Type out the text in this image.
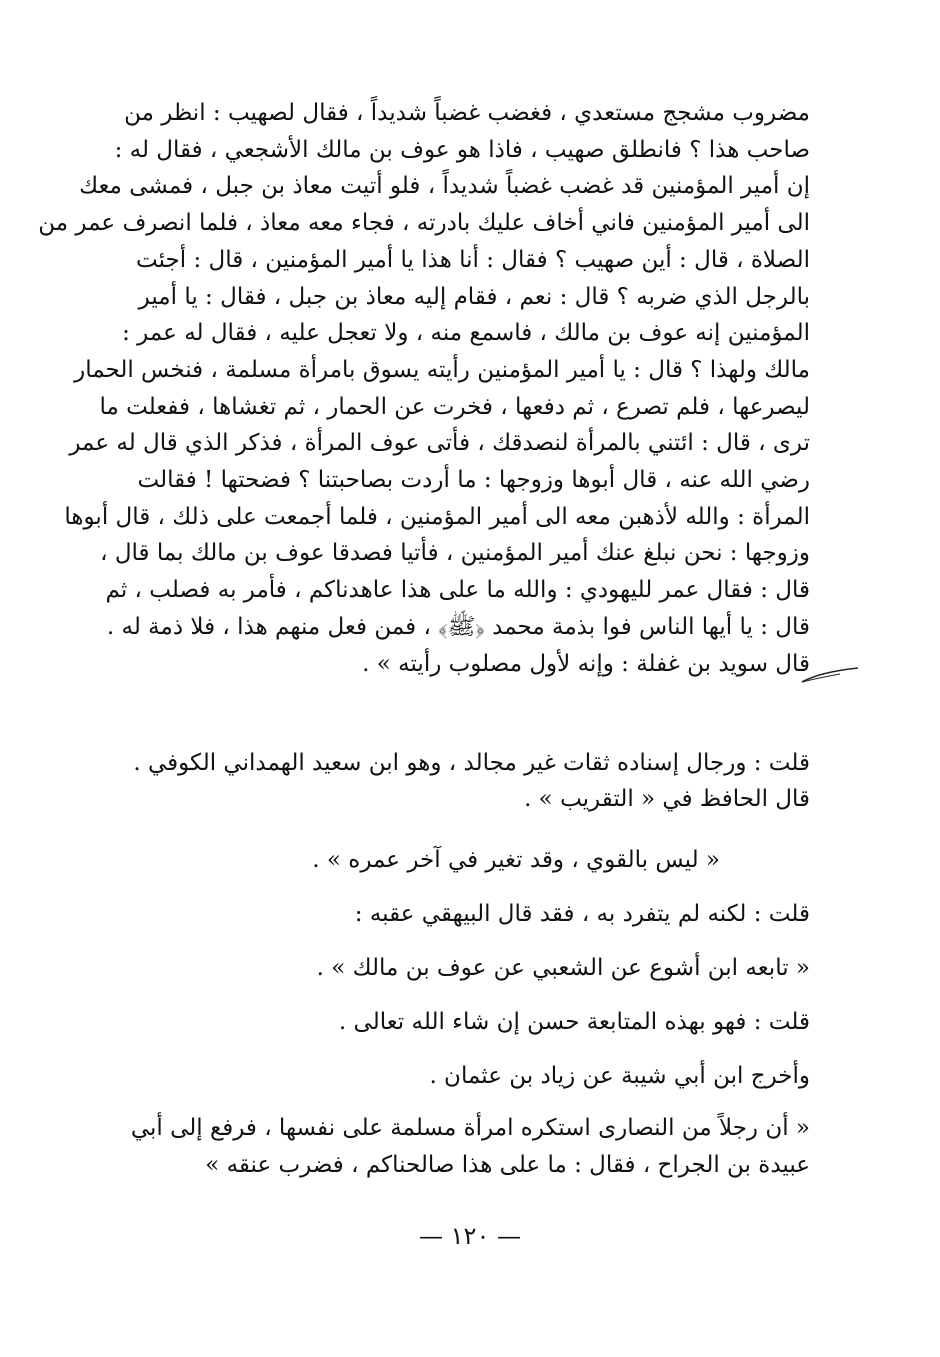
مضروب مشجج مستعدي ، فغضب غضباً شديداً ، فقال لصهيب : انظر من
صاحب هذا ؟ فانطلق صهيب ، فاذا هو عوف بن مالك الأشجعي ، فقال له :
إن أمير المؤمنين قد غضب غضباً شديداً ، فلو أتيت معاذ بن جبل ، فمشى معك
الى أمير المؤمنين فاني أخاف عليك بادرته ، فجاء معه معاذ ، فلما انصرف عمر من
الصلاة ، قال : أين صهيب ؟ فقال : أنا هذا يا أمير المؤمنين ، قال : أجئت
بالرجل الذي ضربه ؟ قال : نعم ، فقام إليه معاذ بن جبل ، فقال : يا أمير
المؤمنين إنه عوف بن مالك ، فاسمع منه ، ولا تعجل عليه ، فقال له عمر :
مالك ولهذا ؟ قال : يا أمير المؤمنين رأيته يسوق بامرأة مسلمة ، فنخس الحمار
ليصرعها ، فلم تصرع ، ثم دفعها ، فخرت عن الحمار ، ثم تغشاها ، ففعلت ما
ترى ، قال : ائتني بالمرأة لنصدقك ، فأتى عوف المرأة ، فذكر الذي قال له عمر
رضي الله عنه ، قال أبوها وزوجها : ما أردت بصاحبتنا ؟ فضحتها ! فقالت
المرأة : والله لأذهبن معه الى أمير المؤمنين ، فلما أجمعت على ذلك ، قال أبوها
وزوجها : نحن نبلغ عنك أمير المؤمنين ، فأتيا فصدقا عوف بن مالك بما قال ،
قال : فقال عمر لليهودي : والله ما على هذا عاهدناكم ، فأمر به فصلب ، ثم
قال : يا أيها الناس فوا بذمة محمد ﴿ﷺ﴾ ، فمن فعل منهم هذا ، فلا ذمة له .
قال سويد بن غفلة : وإنه لأول مصلوب رأيته » .
قلت : ورجال إسناده ثقات غير مجالد ، وهو ابن سعيد الهمداني الكوفي .
قال الحافظ في « التقريب » .

« ليس بالقوي ، وقد تغير في آخر عمره » .

قلت : لكنه لم يتفرد به ، فقد قال البيهقي عقبه :

« تابعه ابن أشوع عن الشعبي عن عوف بن مالك » .

قلت : فهو بهذه المتابعة حسن إن شاء الله تعالى .

وأخرج ابن أبي شيبة عن زياد بن عثمان .

« أن رجلاً من النصارى استكره امرأة مسلمة على نفسها ، فرفع إلى أبي
عبيدة بن الجراح ، فقال : ما على هذا صالحناكم ، فضرب عنقه »
— ١٢٠ —
